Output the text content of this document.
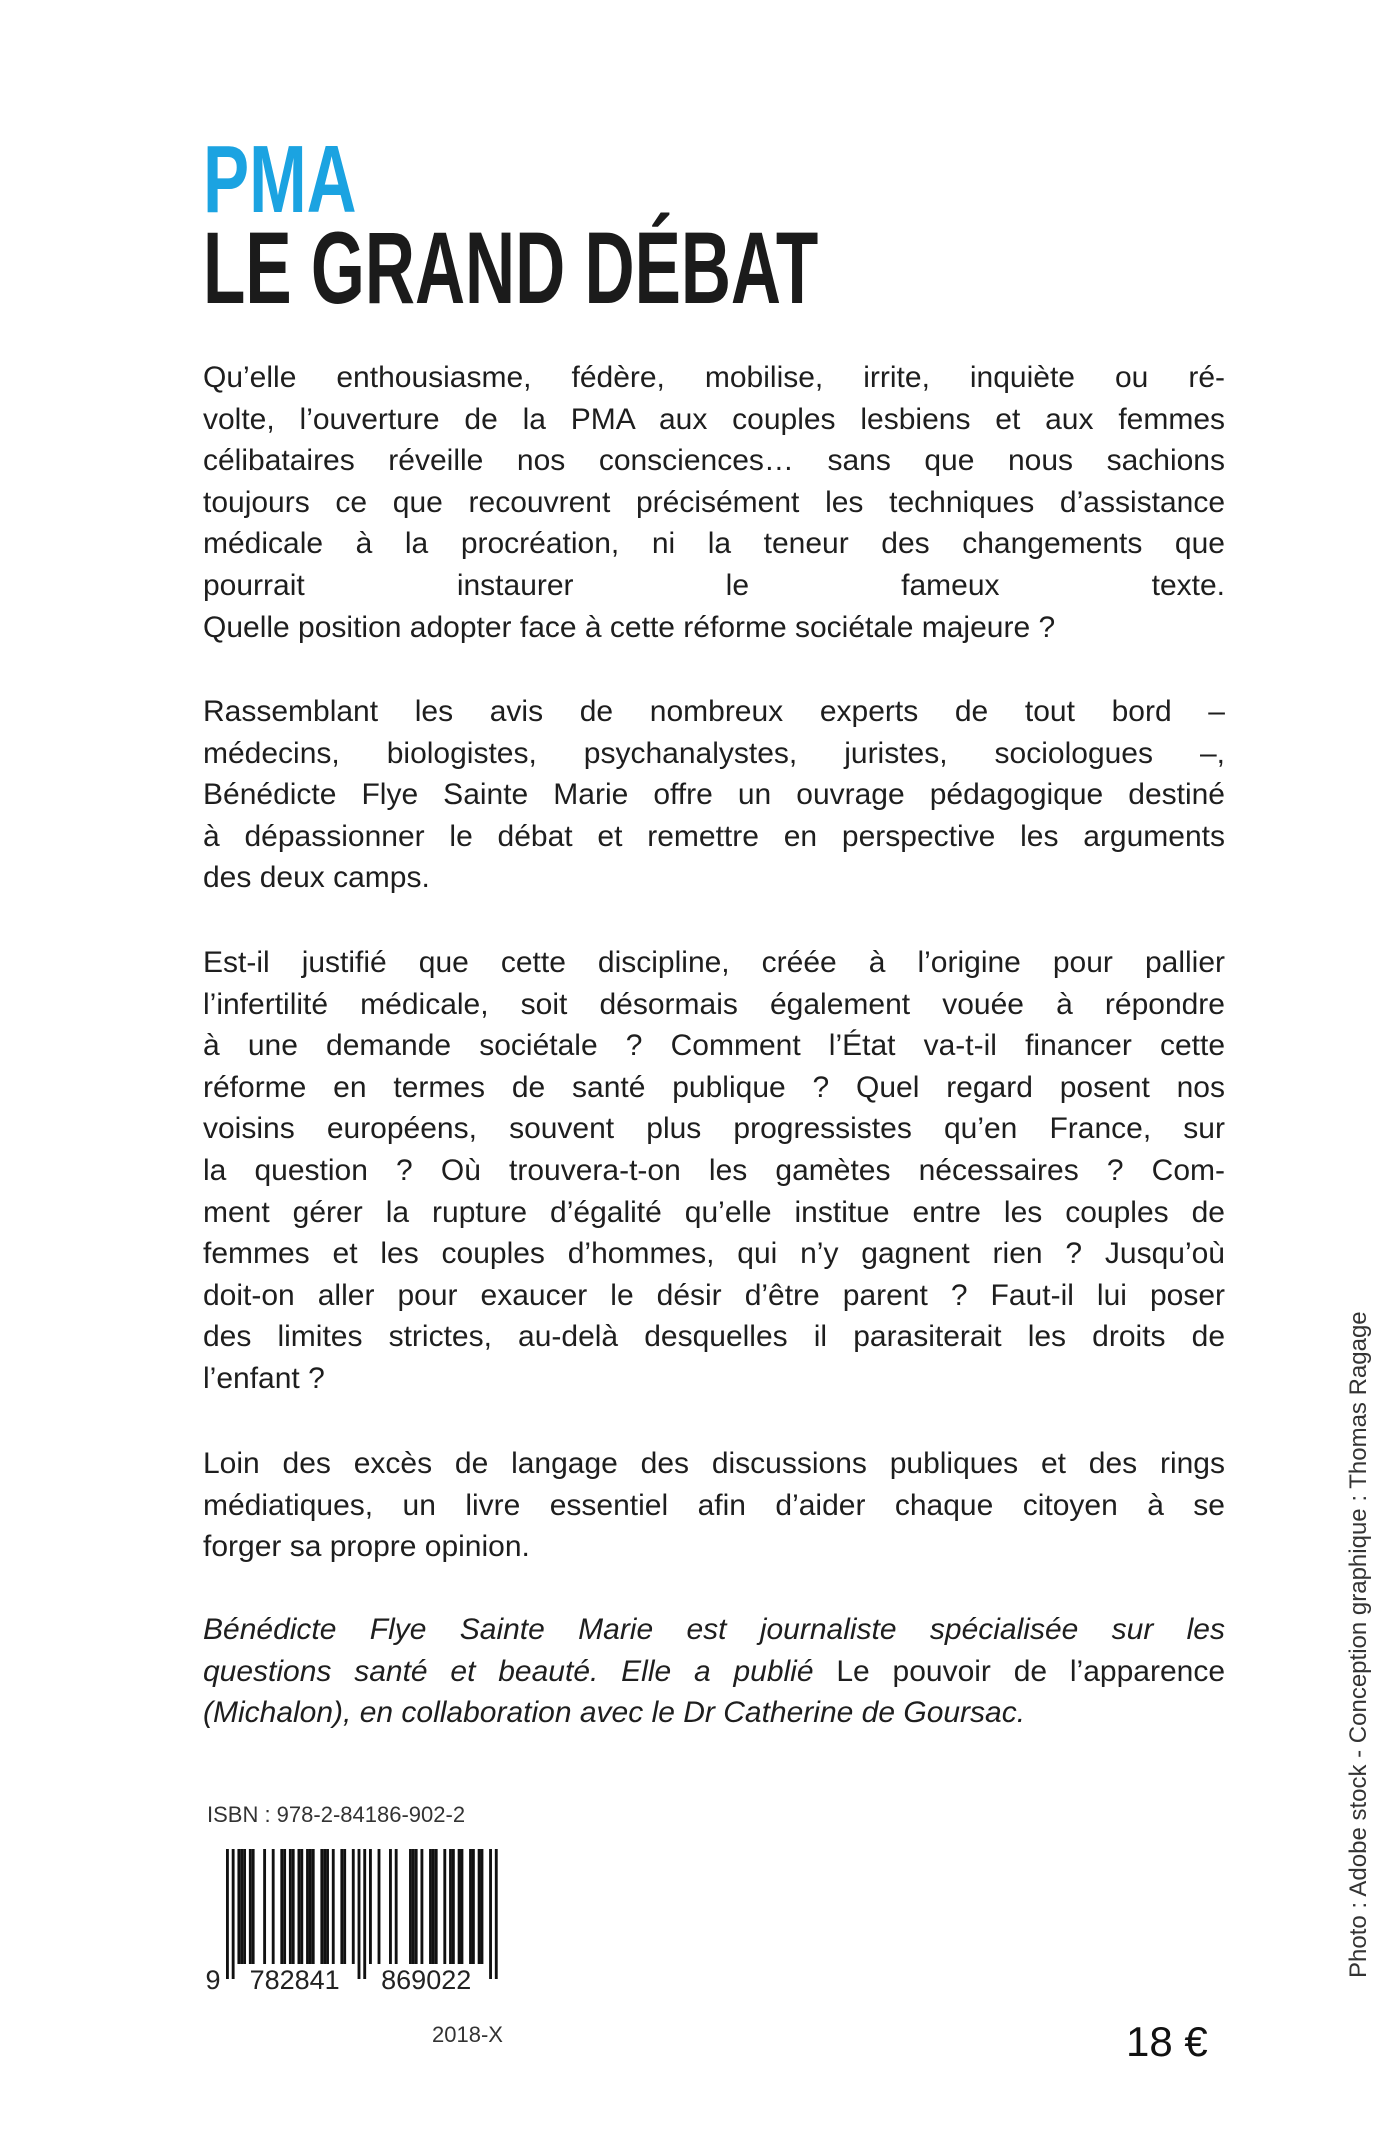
PMA
LE GRAND DÉBAT
Qu’elle enthousiasme, fédère, mobilise, irrite, inquiète ou ré-
volte, l’ouverture de la PMA aux couples lesbiens et aux femmes
célibataires réveille nos consciences… sans que nous sachions
toujours ce que recouvrent précisément les techniques d’assistance
médicale à la procréation, ni la teneur des changements que
pourrait instaurer le fameux texte.
Quelle position adopter face à cette réforme sociétale majeure ?
Rassemblant les avis de nombreux experts de tout bord –
médecins, biologistes, psychanalystes, juristes, sociologues –,
Bénédicte Flye Sainte Marie offre un ouvrage pédagogique destiné
à dépassionner le débat et remettre en perspective les arguments
des deux camps.
Est-il justifié que cette discipline, créée à l’origine pour pallier
l’infertilité médicale, soit désormais également vouée à répondre
à une demande sociétale ? Comment l’État va-t-il financer cette
réforme en termes de santé publique ? Quel regard posent nos
voisins européens, souvent plus progressistes qu’en France, sur
la question ? Où trouvera-t-on les gamètes nécessaires ? Com-
ment gérer la rupture d’égalité qu’elle institue entre les couples de
femmes et les couples d’hommes, qui n’y gagnent rien ? Jusqu’où
doit-on aller pour exaucer le désir d’être parent ? Faut-il lui poser
des limites strictes, au-delà desquelles il parasiterait les droits de
l’enfant ?
Loin des excès de langage des discussions publiques et des rings
médiatiques, un livre essentiel afin d’aider chaque citoyen à se
forger sa propre opinion.
Bénédicte Flye Sainte Marie est journaliste spécialisée sur les
questions santé et beauté. Elle a publié Le pouvoir de l’apparence
(Michalon), en collaboration avec le Dr Catherine de Goursac.
ISBN : 978-2-84186-902-2
9 782841 869022
2018-X	18 €
Photo : Adobe stock - Conception graphique : Thomas Ragage
